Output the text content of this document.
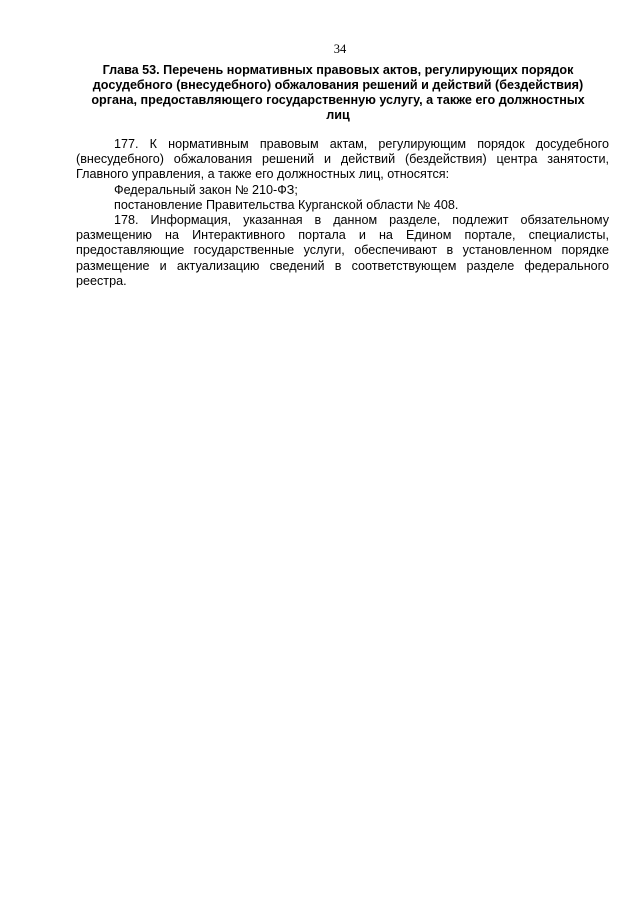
34
Глава 53. Перечень нормативных правовых актов, регулирующих порядок
досудебного (внесудебного) обжалования решений и действий (бездействия)
органа, предоставляющего государственную услугу, а также его должностных
лиц
177. К нормативным правовым актам, регулирующим порядок досудебного
(внесудебного) обжалования решений и действий (бездействия) центра занятости,
Главного управления, а также его должностных лиц, относятся:
Федеральный закон № 210-ФЗ;
постановление Правительства Курганской области № 408.
178. Информация, указанная в данном разделе, подлежит обязательному
размещению на Интерактивного портала и на Едином портале, специалисты,
предоставляющие государственные услуги, обеспечивают в установленном порядке
размещение и актуализацию сведений в соответствующем разделе федерального
реестра.
